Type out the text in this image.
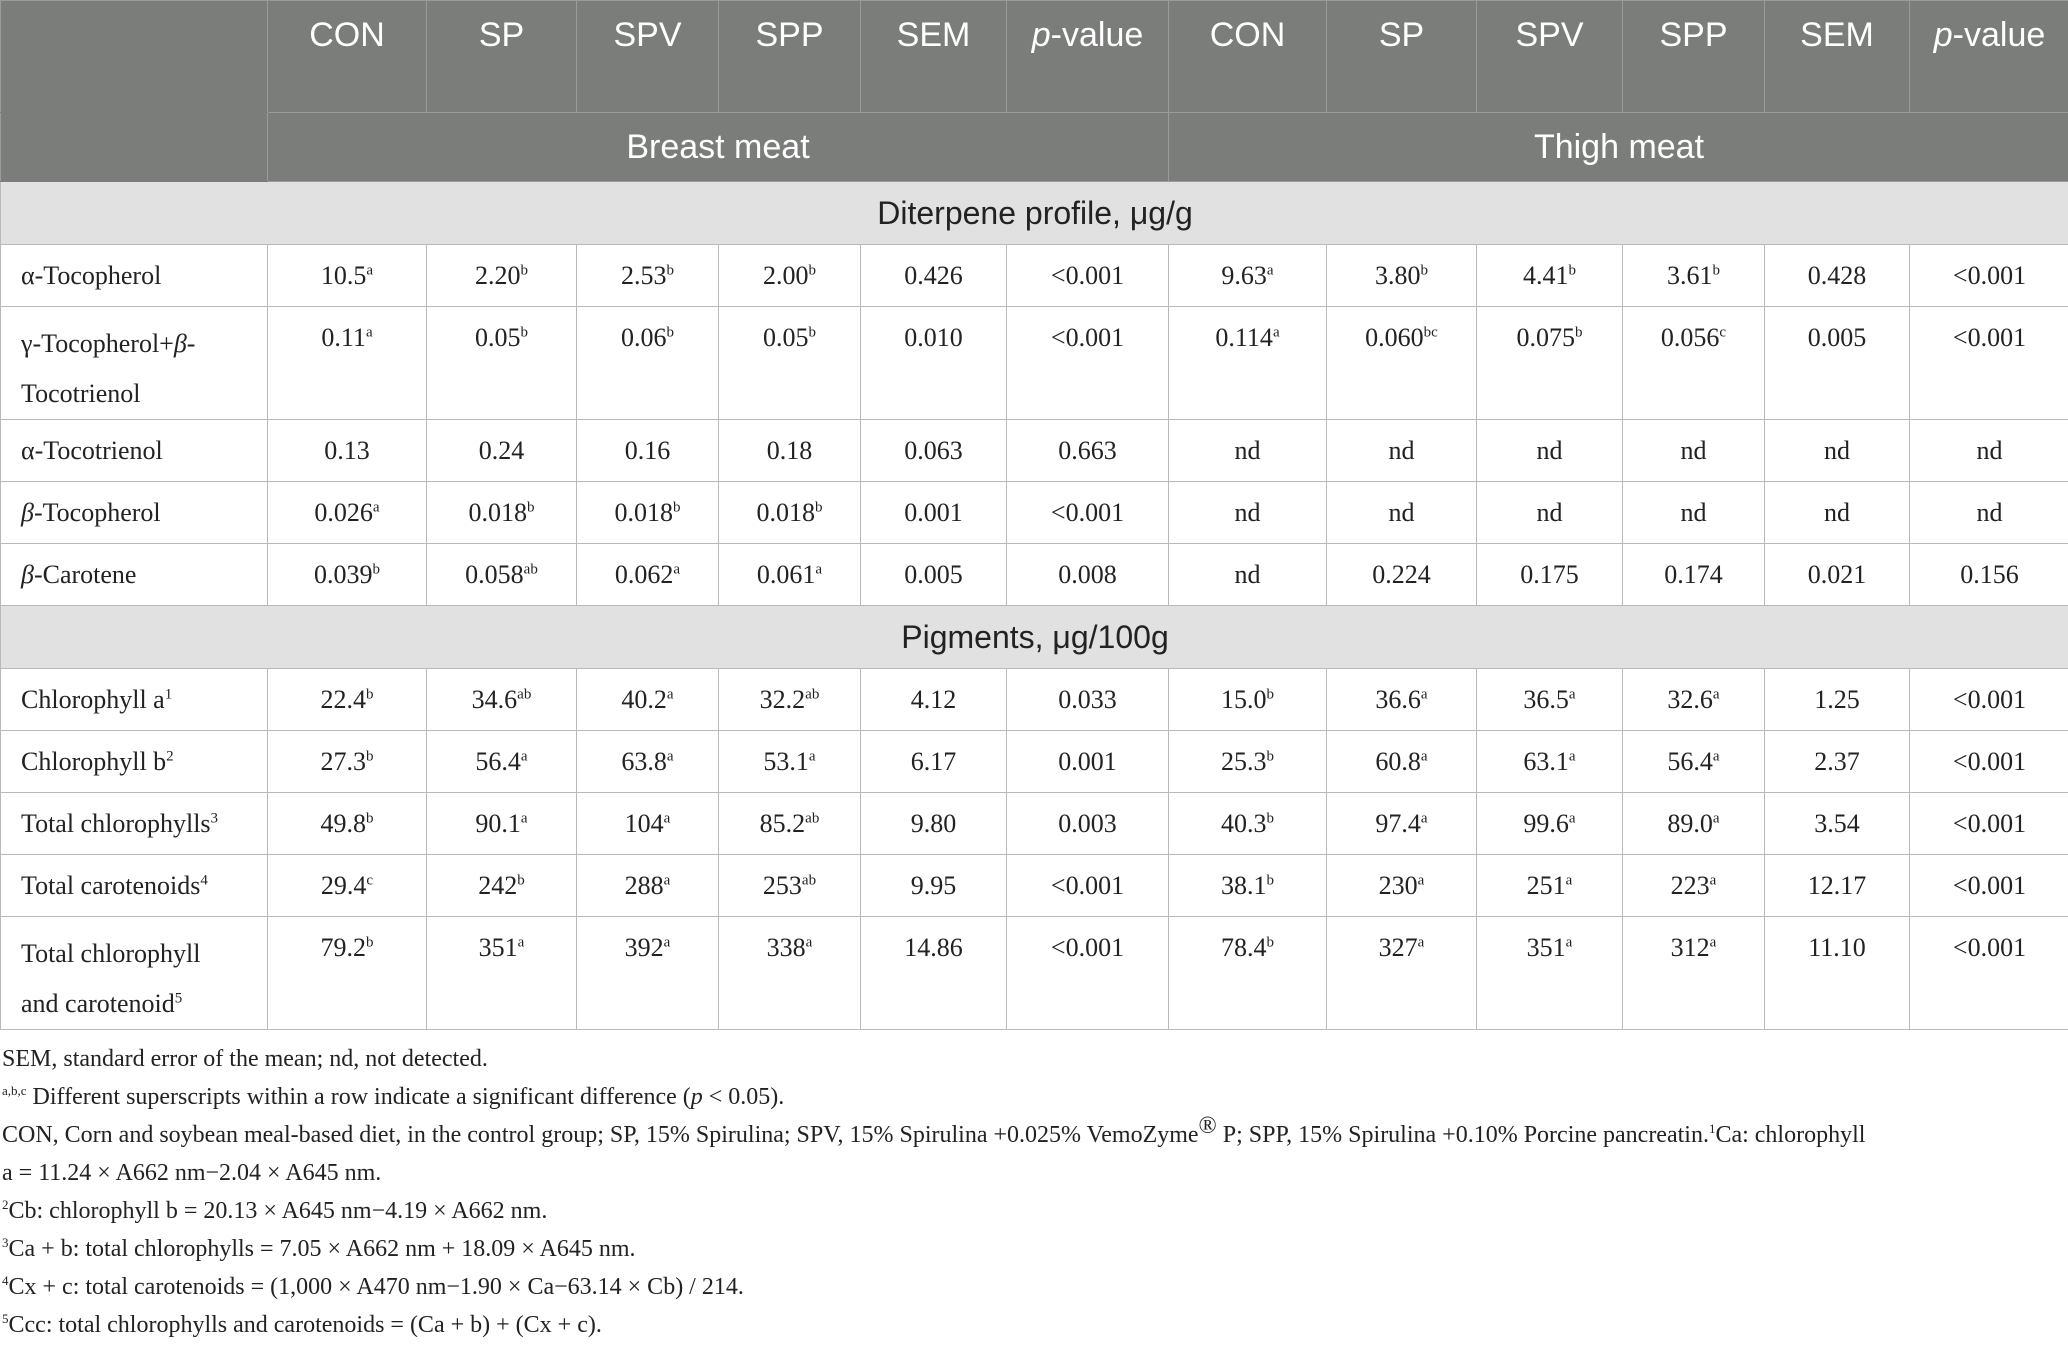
	CON	SP	SPV	SPP	SEM	p-value	CON	SP	SPV	SPP	SEM	p-value
	Breast meat						Thigh meat					
Diterpene profile, μg/g												
α-Tocopherol	10.5$^a$	2.20$^b$	2.53$^b$	2.00$^b$	0.426	<0.001	9.63$^a$	3.80$^b$	4.41$^b$	3.61$^b$	0.428	<0.001
γ-Tocopherol+β-
Tocotrienol	0.11$^a$	0.05$^b$	0.06$^b$	0.05$^b$	0.010	<0.001	0.114$^a$	0.060$^{bc}$	0.075$^b$	0.056$^c$	0.005	<0.001
α-Tocotrienol	0.13	0.24	0.16	0.18	0.063	0.663	nd	nd	nd	nd	nd	nd
β-Tocopherol	0.026$^a$	0.018$^b$	0.018$^b$	0.018$^b$	0.001	<0.001	nd	nd	nd	nd	nd	nd
β-Carotene	0.039$^b$	0.058$^{ab}$	0.062$^a$	0.061$^a$	0.005	0.008	nd	0.224	0.175	0.174	0.021	0.156
Pigments, μg/100g												
Chlorophyll $a^1$	22.4$^b$	34.6$^{ab}$	40.2$^a$	32.2$^{ab}$	4.12	0.033	15.0$^b$	36.6$^a$	36.5$^a$	32.6$^a$	1.25	<0.001
Chlorophyll $b^2$	27.3$^b$	56.4$^a$	63.8$^a$	53.1$^a$	6.17	0.001	25.3$^b$	60.8$^a$	63.1$^a$	56.4$^a$	2.37	<0.001
Total chlorophylls$^3$	49.8$^b$	90.1$^a$	104$^a$	85.2$^{ab}$	9.80	0.003	40.3$^b$	97.4$^a$	99.6$^a$	89.0$^a$	3.54	<0.001
Total carotenoids$^4$	29.4$^c$	242$^b$	288$^a$	$253^{ab}$	9.95	<0.001	38.1$^b$	230$^a$	251$^a$	223$^a$	12.17	<0.001
Total chlorophyll
and carotenoid$^5$	79.2$^b$	351$^a$	392$^a$	338$^a$	14.86	<0.001	78.4$^b$	327$^a$	351$^a$	312$^a$	11.10	<0.001

SEM, standard error of the mean; nd, not detected.

$^{a,b,c}$ Different superscripts within a row indicate a significant difference (p < 0.05).

CON, Corn and soybean meal-based diet, in the control group; SP, 15% Spirulina; SPV, 15% Spirulina +0.025% VemoZyme® P; SPP, 15% Spirulina +0.10% Porcine pancreatin.$^1$Ca: chlorophyll

a = 11.24 × A662 nm−2.04 × A645 nm.

$^2$Cb: chlorophyll b = 20.13 × A645 nm−4.19 × A662 nm.

$^3$Ca + b: total chlorophylls = 7.05 × A662 nm + 18.09 × A645 nm.

$^4$Cx + c: total carotenoids = (1,000 × A470 nm−1.90 × Ca−63.14 × Cb) / 214.

$^5$Ccc: total chlorophylls and carotenoids = (Ca + b) + (Cx + c).
